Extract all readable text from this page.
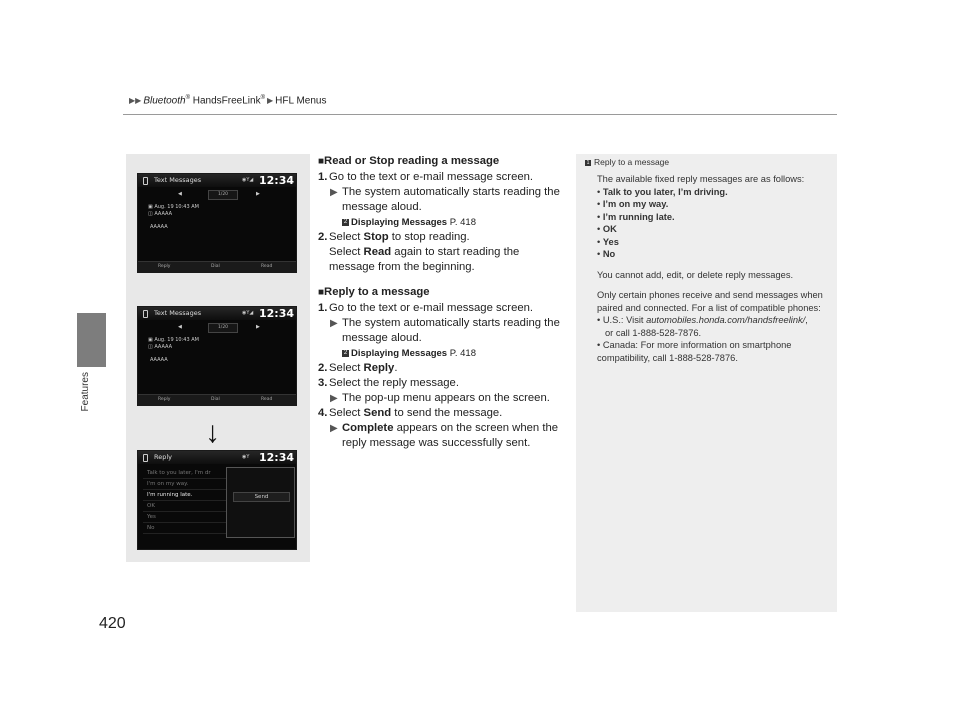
▶▶ Bluetooth® HandsFreeLink® ▶ HFL Menus
Features
420
Text Messages	◉Y◢ 12:34
◀	1/20	▶
▣ Aug. 19 10:43 AM
◫ AAAAA
AAAAA
Reply	Dial	Read
Text Messages	◉Y◢ 12:34
◀	1/20	▶
▣ Aug. 19 10:43 AM
◫ AAAAA
AAAAA
Reply	Dial	Read
↓
Reply	◉Y 12:34
Talk to you later, I'm dr
I'm on my way.
I'm running late.
OK
Yes
No
Send
■Read or Stop reading a message
1. Go to the text or e-mail message screen.
▶ The system automatically starts reading the message aloud.
2 Displaying Messages P. 418
2. Select Stop to stop reading.
Select Read again to start reading the message from the beginning.
■Reply to a message
1. Go to the text or e-mail message screen.
▶ The system automatically starts reading the message aloud.
2 Displaying Messages P. 418
2. Select Reply.
3. Select the reply message.
▶ The pop-up menu appears on the screen.
4. Select Send to send the message.
▶ Complete appears on the screen when the reply message was successfully sent.
1 Reply to a message

The available fixed reply messages are as follows:

• Talk to you later, I’m driving.

• I’m on my way.

• I’m running late.

• OK

• Yes

• No

You cannot add, edit, or delete reply messages.

Only certain phones receive and send messages when paired and connected. For a list of compatible phones:

• U.S.: Visit automobiles.honda.com/handsfreelink/,

or call 1-888-528-7876.

• Canada: For more information on smartphone compatibility, call 1-888-528-7876.
